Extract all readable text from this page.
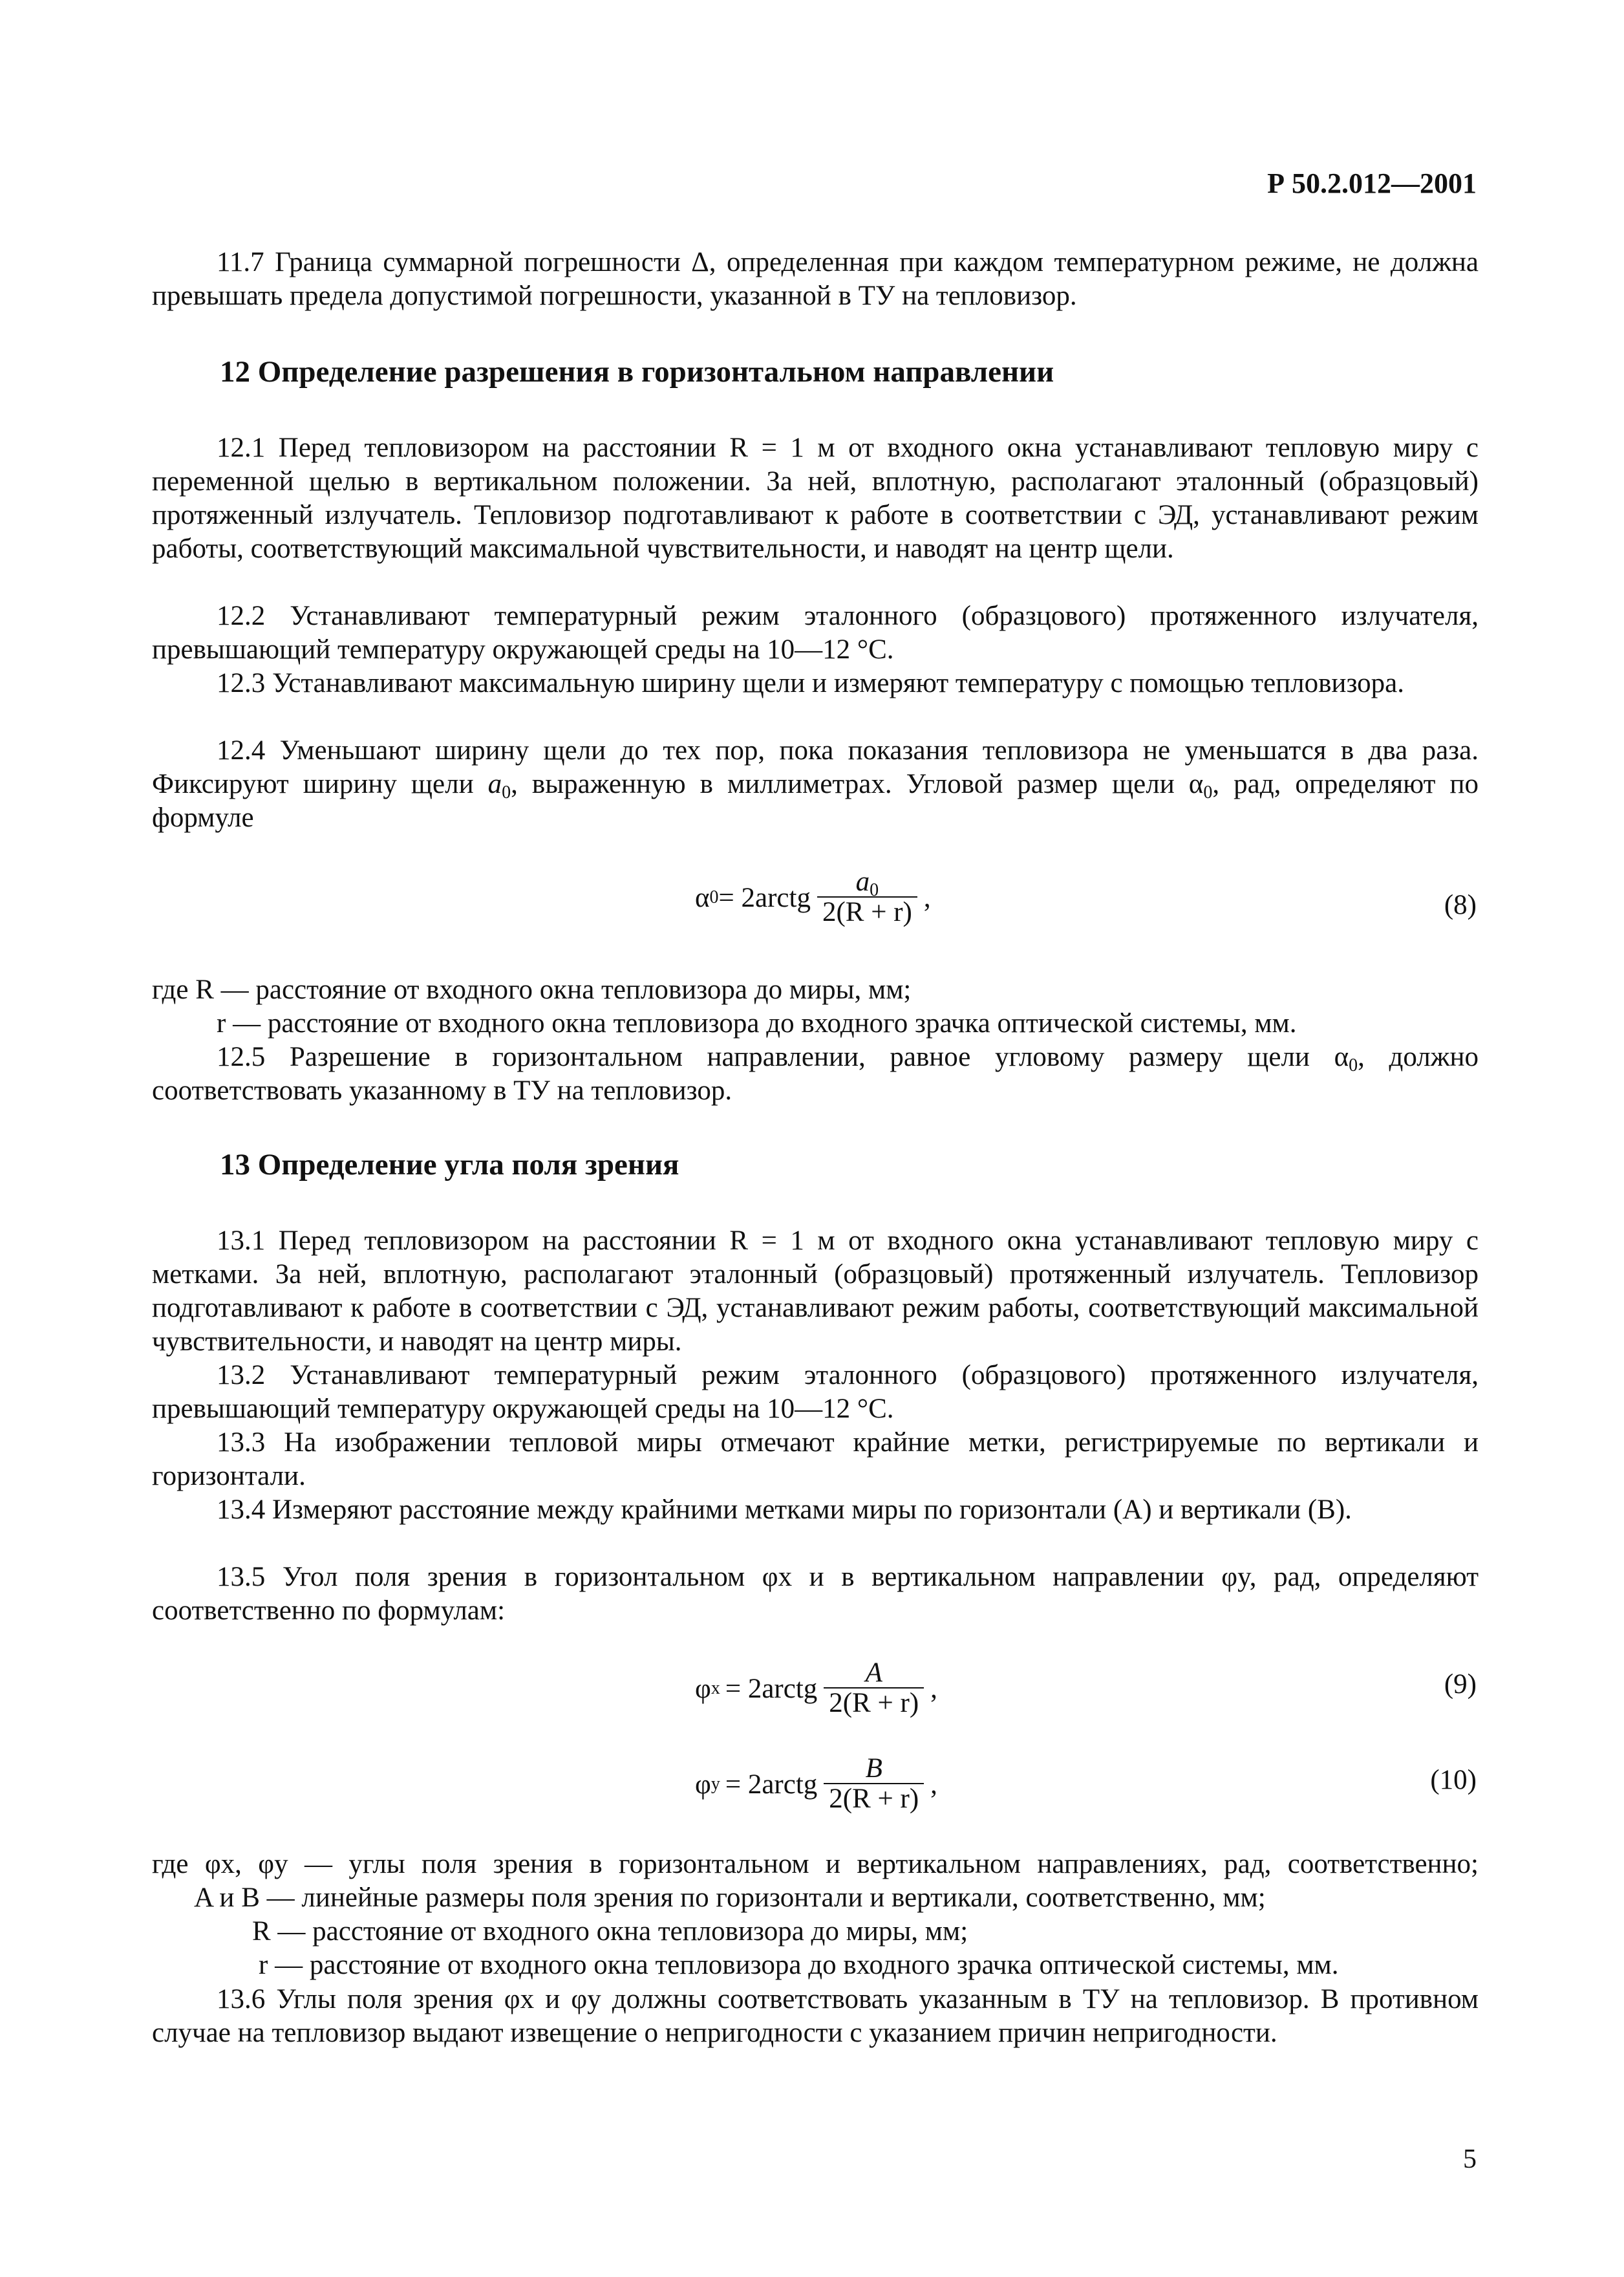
Р 50.2.012—2001
11.7 Граница суммарной погрешности Δ, определенная при каждом температурном режиме, не должна превышать предела допустимой погрешности, указанной в ТУ на тепловизор.
12 Определение разрешения в горизонтальном направлении
12.1 Перед тепловизором на расстоянии R = 1 м от входного окна устанавливают тепловую миру с переменной щелью в вертикальном положении. За ней, вплотную, располагают эталонный (образцовый) протяженный излучатель. Тепловизор подготавливают к работе в соответствии с ЭД, устанавливают режим работы, соответствующий максимальной чувствительности, и наводят на центр щели.
12.2 Устанавливают температурный режим эталонного (образцового) протяженного излучателя, превышающий температуру окружающей среды на 10—12 °С.
12.3 Устанавливают максимальную ширину щели и измеряют температуру с помощью тепловизора.
12.4 Уменьшают ширину щели до тех пор, пока показания тепловизора не уменьшатся в два раза. Фиксируют ширину щели $a_0$, выраженную в миллиметрах. Угловой размер щели $\alpha_0$, рад, определяют по формуле
α 0 = 2arctg $\frac{a_0}{2(R + r)}$ ,	(8)
где R — расстояние от входного окна тепловизора до миры, мм;
r — расстояние от входного окна тепловизора до входного зрачка оптической системы, мм.
12.5 Разрешение в горизонтальном направлении, равное угловому размеру щели $\alpha_0$, должно соответствовать указанному в ТУ на тепловизор.
13 Определение угла поля зрения
13.1 Перед тепловизором на расстоянии R = 1 м от входного окна устанавливают тепловую миру с метками. За ней, вплотную, располагают эталонный (образцовый) протяженный излучатель. Тепловизор подготавливают к работе в соответствии с ЭД, устанавливают режим работы, соответствующий максимальной чувствительности, и наводят на центр миры.
13.2 Устанавливают температурный режим эталонного (образцового) протяженного излучателя, превышающий температуру окружающей среды на 10—12 °С.
13.3 На изображении тепловой миры отмечают крайние метки, регистрируемые по вертикали и горизонтали.
13.4 Измеряют расстояние между крайними метками миры по горизонтали (A) и вертикали (B).
13.5 Угол поля зрения в горизонтальном φx и в вертикальном направлении φy, рад, определяют соответственно по формулам:
φ x = 2arctg $\frac{A}{2(R + r)}$ ,	(9)
φ y = 2arctg $\frac{B}{2(R + r)}$ ,	(10)
где φx, φy — углы поля зрения в горизонтальном и вертикальном направлениях, рад, соответственно;
A и B — линейные размеры поля зрения по горизонтали и вертикали, соответственно, мм;
R — расстояние от входного окна тепловизора до миры, мм;
r — расстояние от входного окна тепловизора до входного зрачка оптической системы, мм.
13.6 Углы поля зрения φx и φy должны соответствовать указанным в ТУ на тепловизор. В противном случае на тепловизор выдают извещение о непригодности с указанием причин непригодности.
5
